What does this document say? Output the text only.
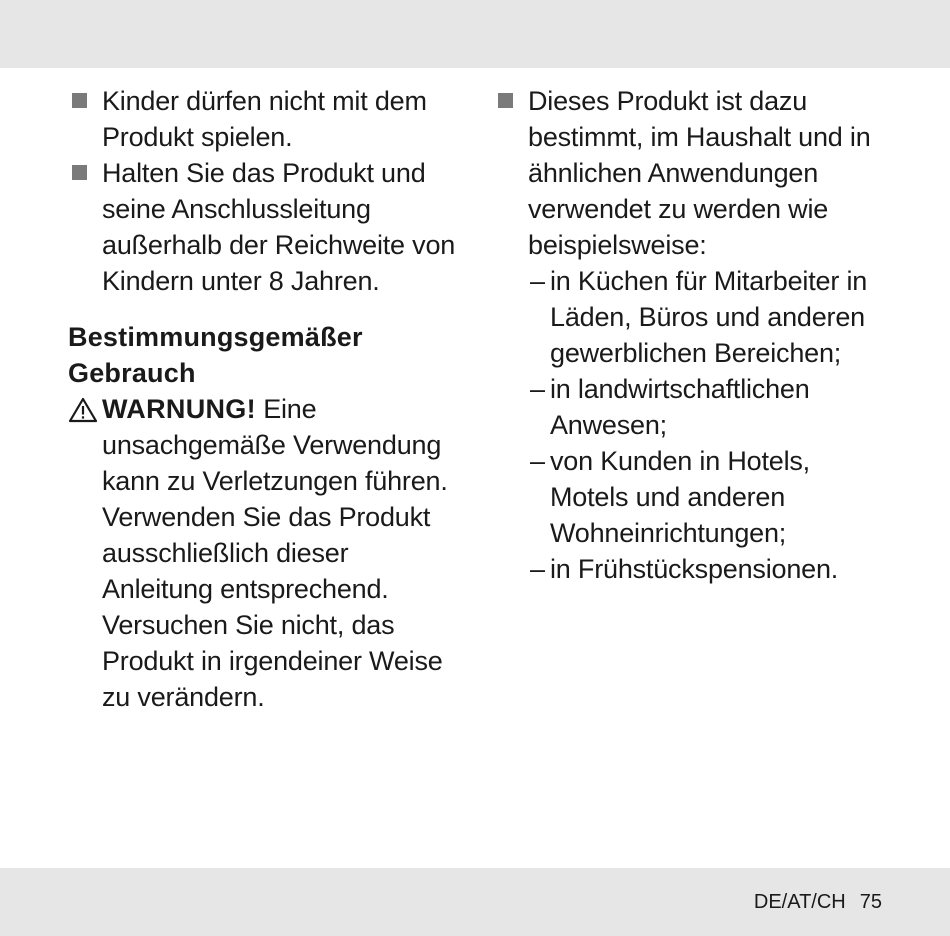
Kinder dürfen nicht mit dem Produkt spielen.
Halten Sie das Produkt und seine Anschlussleitung außerhalb der Reichweite von Kindern unter 8 Jahren.
Bestimmungsgemäßer Gebrauch
WARNUNG! Eine unsachgemäße Verwendung kann zu Verletzungen führen. Verwenden Sie das Produkt ausschließlich dieser Anleitung entsprechend. Versuchen Sie nicht, das Produkt in irgendeiner Weise zu verändern.
Dieses Produkt ist dazu bestimmt, im Haushalt und in ähnlichen Anwendungen verwendet zu werden wie beispielsweise:
– in Küchen für Mitarbeiter in Läden, Büros und anderen gewerblichen Bereichen;
– in landwirtschaftlichen Anwesen;
– von Kunden in Hotels, Motels und anderen Wohneinrichtungen;
– in Frühstückspensionen.
DE/AT/CH 75
